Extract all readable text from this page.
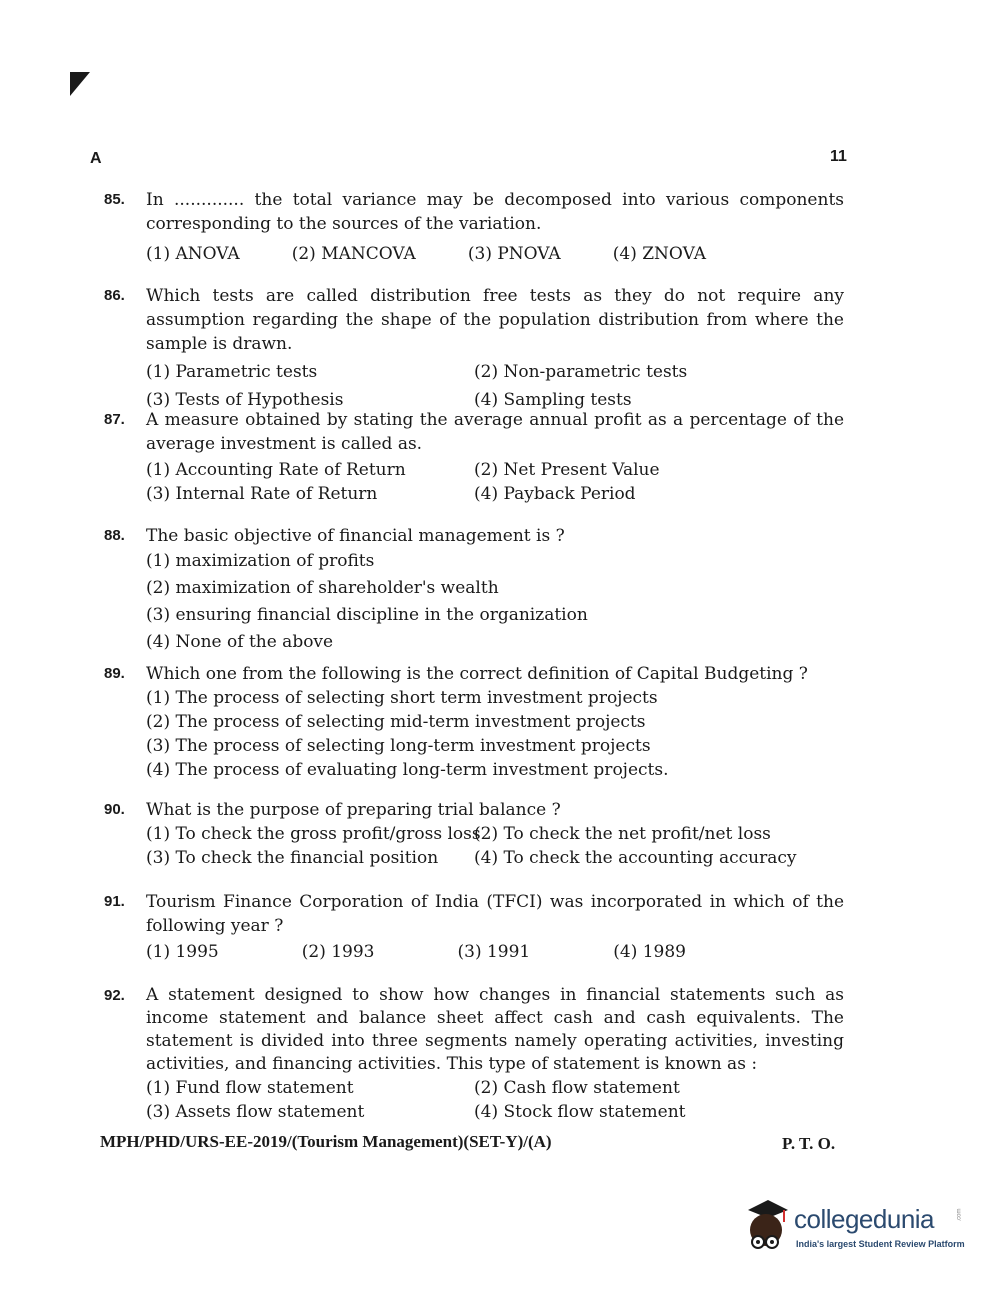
A	11
85. In ............. the total variance may be decomposed into various components corresponding to the sources of the variation.
(1) ANOVA	(2) MANCOVA	(3) PNOVA	(4) ZNOVA
86. Which tests are called distribution free tests as they do not require any assumption regarding the shape of the population distribution from where the sample is drawn.
(1) Parametric tests	(2) Non-parametric tests
(3) Tests of Hypothesis	(4) Sampling tests
87. A measure obtained by stating the average annual profit as a percentage of the average investment is called as.
(1) Accounting Rate of Return	(2) Net Present Value
(3) Internal Rate of Return	(4) Payback Period
88. The basic objective of financial management is ?
(1) maximization of profits
(2) maximization of shareholder's wealth
(3) ensuring financial discipline in the organization
(4) None of the above
89. Which one from the following is the correct definition of Capital Budgeting ?
(1) The process of selecting short term investment projects
(2) The process of selecting mid-term investment projects
(3) The process of selecting long-term investment projects
(4) The process of evaluating long-term investment projects.
90. What is the purpose of preparing trial balance ?
(1) To check the gross profit/gross loss
(2) To check the net profit/net loss
(3) To check the financial position	(4) To check the accounting accuracy
91. Tourism Finance Corporation of India (TFCI) was incorporated in which of the following year ?
(1) 1995	(2) 1993	(3) 1991	(4) 1989
92. A statement designed to show how changes in financial statements such as income statement and balance sheet affect cash and cash equivalents. The statement is divided into three segments namely operating activities, investing activities, and financing activities. This type of statement is known as :
(1) Fund flow statement	(2) Cash flow statement
(3) Assets flow statement	(4) Stock flow statement
MPH/PHD/URS-EE-2019/(Tourism Management)(SET-Y)/(A)	P. T. O.
collegedunia	.com
India's largest Student Review Platform
